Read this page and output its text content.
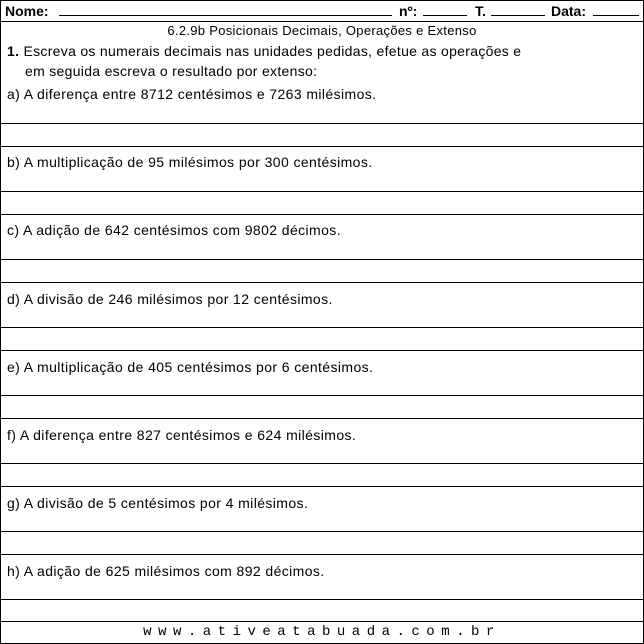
Nome:	nº:	T.	Data:
6.2.9b Posicionais Decimais, Operações e Extenso
1. Escreva os numerais decimais nas unidades pedidas, efetue as operações e
em seguida escreva o resultado por extenso:
a) A diferença entre 8712 centésimos e 7263 milésimos.
b) A multiplicação de 95 milésimos por 300 centésimos.
c) A adição de 642 centésimos com 9802 décimos.
d) A divisão de 246 milésimos por 12 centésimos.
e) A multiplicação de 405 centésimos por 6 centésimos.
f) A diferença entre 827 centésimos e 624 milésimos.
g) A divisão de 5 centésimos por 4 milésimos.
h) A adição de 625 milésimos com 892 décimos.
www.ativeatabuada.com.br
